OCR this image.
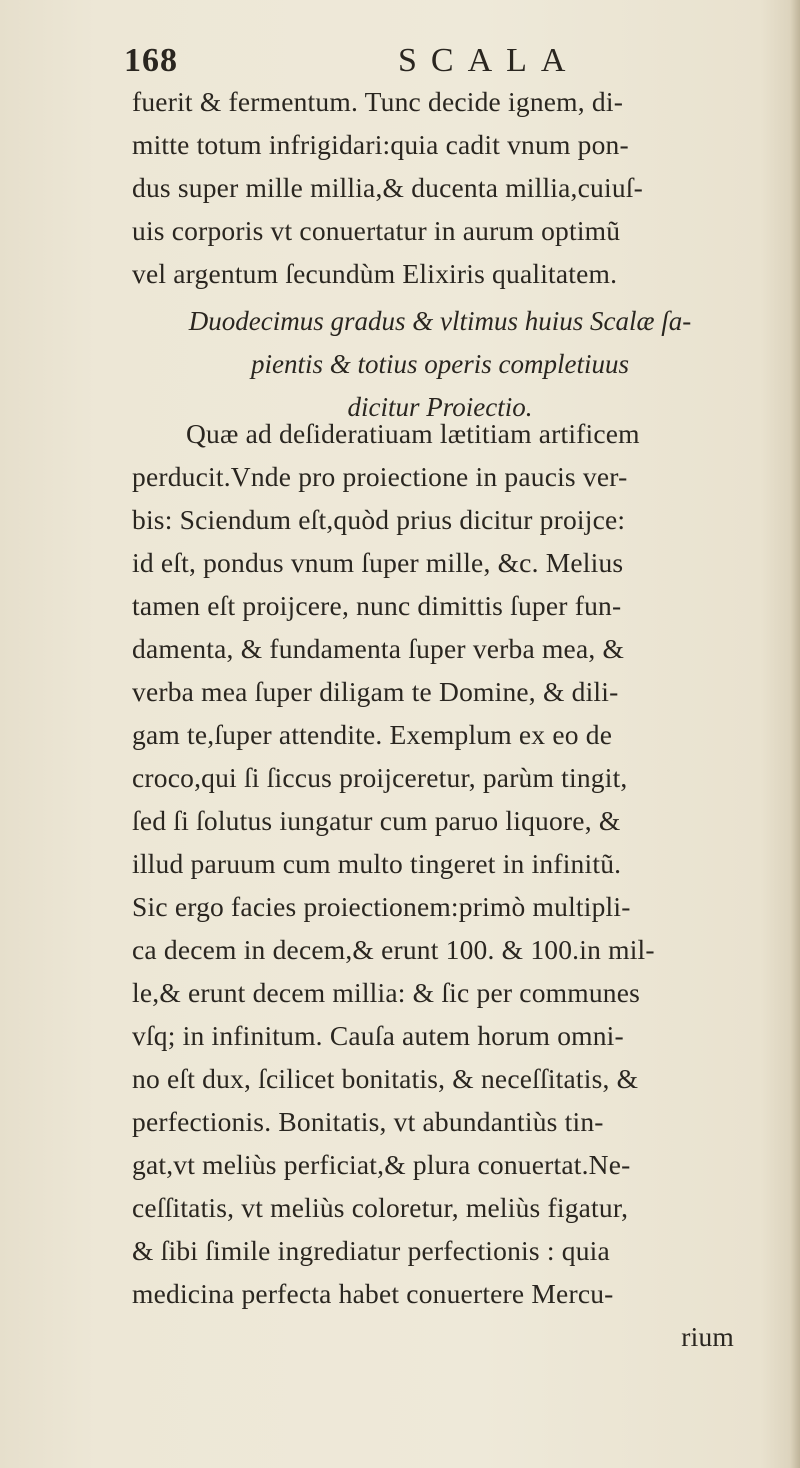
168	SCALA
fuerit & fermentum. Tunc decide ignem, di-
mitte totum infrigidari:quia cadit vnum pon-
dus super mille millia,& ducenta millia,cuiuſ-
uis corporis vt conuertatur in aurum optimũ
vel argentum ſecundùm Elixiris qualitatem.
Duodecimus gradus & vltimus huius Scalæ ſa-
pientis & totius operis completiuus
dicitur Proiectio.
Quæ ad deſideratiuam lætitiam artificem
perducit.Vnde pro proiectione in paucis ver-
bis: Sciendum eſt,quòd prius dicitur proijce:
id eſt, pondus vnum ſuper mille, &c. Melius
tamen eſt proijcere, nunc dimittis ſuper fun-
damenta, & fundamenta ſuper verba mea, &
verba mea ſuper diligam te Domine, & dili-
gam te,ſuper attendite. Exemplum ex eo de
croco,qui ſi ſiccus proijceretur, parùm tingit,
ſed ſi ſolutus iungatur cum paruo liquore, &
illud paruum cum multo tingeret in infinitũ.
Sic ergo facies proiectionem:primò multipli-
ca decem in decem,& erunt 100. & 100.in mil-
le,& erunt decem millia: & ſic per communes
vſq; in infinitum. Cauſa autem horum omni-
no eſt dux, ſcilicet bonitatis, & neceſſitatis, &
perfectionis. Bonitatis, vt abundantiùs tin-
gat,vt meliùs perficiat,& plura conuertat.Ne-
ceſſitatis, vt meliùs coloretur, meliùs figatur,
& ſibi ſimile ingrediatur perfectionis : quia
medicina perfecta habet conuertere Mercu-
rium
